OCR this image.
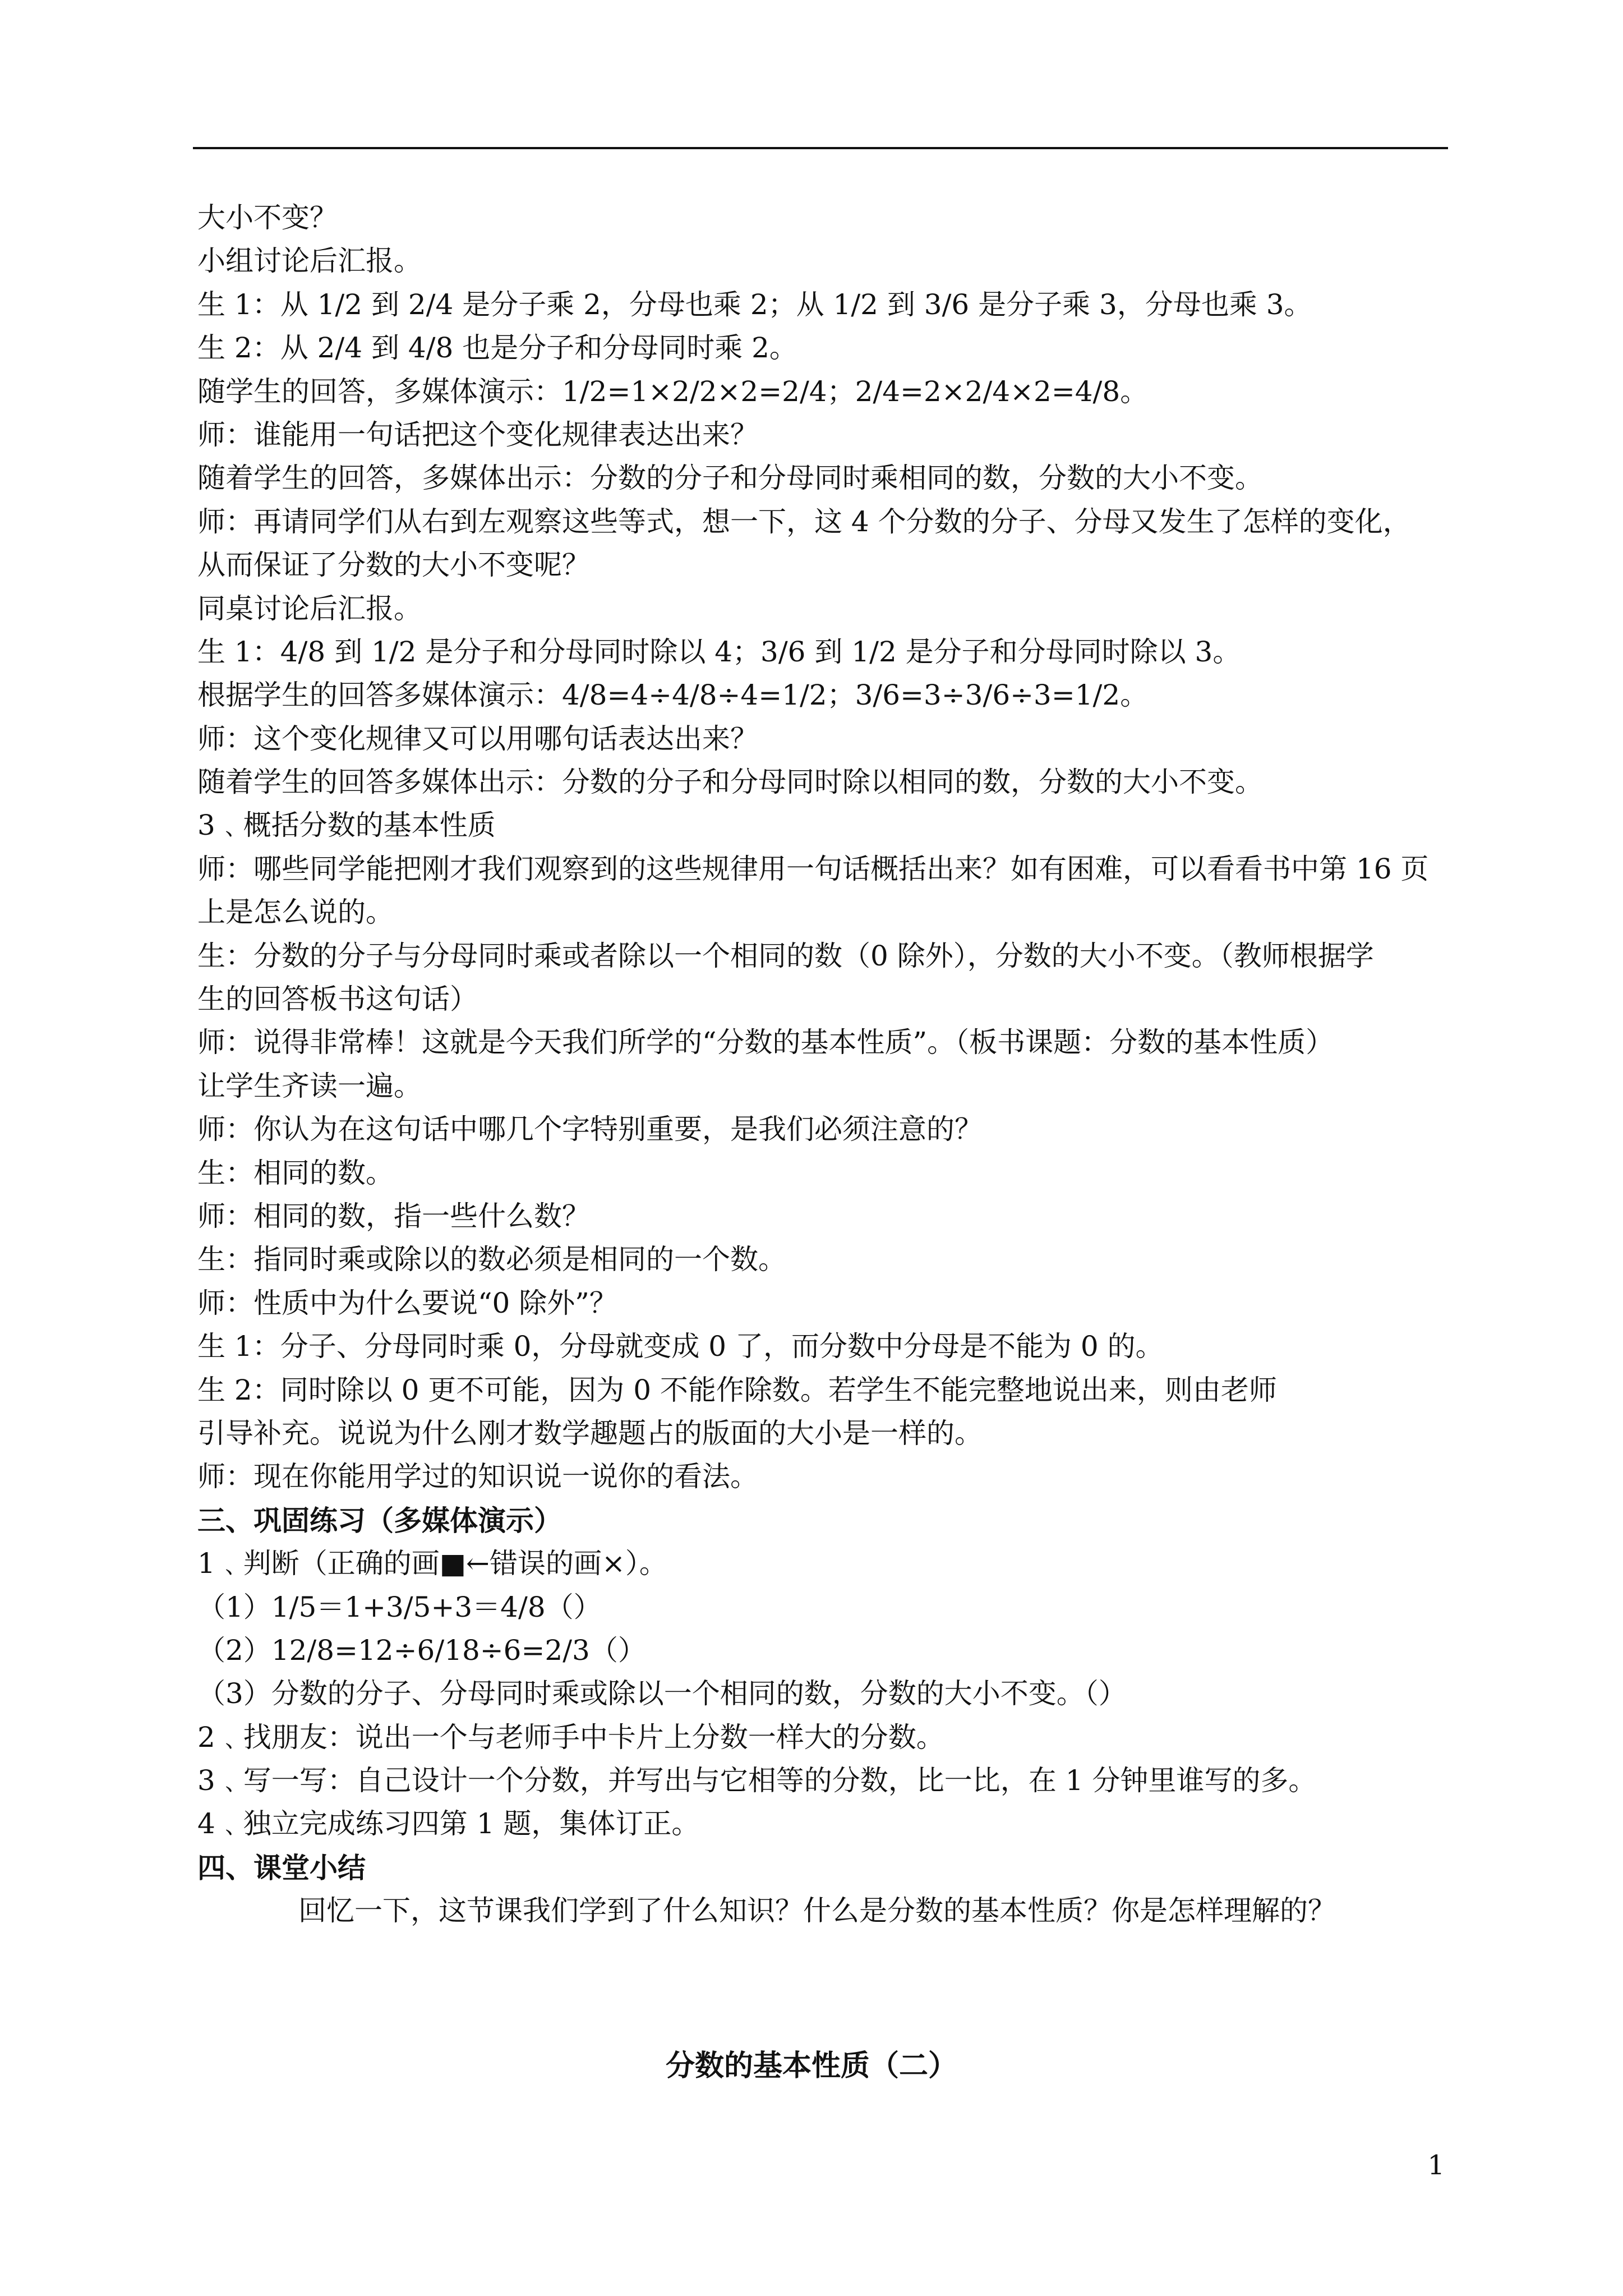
大小不变？
小组讨论后汇报。
生 1：从 1/2 到 2/4 是分子乘 2，分母也乘 2；从 1/2 到 3/6 是分子乘 3，分母也乘 3。
生 2：从 2/4 到 4/8 也是分子和分母同时乘 2。
随学生的回答，多媒体演示：1/2=1×2/2×2=2/4；2/4=2×2/4×2=4/8。
师：谁能用一句话把这个变化规律表达出来？
随着学生的回答，多媒体出示：分数的分子和分母同时乘相同的数，分数的大小不变。
师：再请同学们从右到左观察这些等式，想一下，这 4 个分数的分子、分母又发生了怎样的变化，
从而保证了分数的大小不变呢？
同桌讨论后汇报。
生 1：4/8 到 1/2 是分子和分母同时除以 4；3/6 到 1/2 是分子和分母同时除以 3。
根据学生的回答多媒体演示：4/8=4÷4/8÷4=1/2；3/6=3÷3/6÷3=1/2。
师：这个变化规律又可以用哪句话表达出来？
随着学生的回答多媒体出示：分数的分子和分母同时除以相同的数，分数的大小不变。
3﹑概括分数的基本性质
师：哪些同学能把刚才我们观察到的这些规律用一句话概括出来？如有困难，可以看看书中第 16 页
上是怎么说的。
生：分数的分子与分母同时乘或者除以一个相同的数（0 除外），分数的大小不变。（教师根据学
生的回答板书这句话）
师：说得非常棒！这就是今天我们所学的“分数的基本性质”。（板书课题：分数的基本性质）
让学生齐读一遍。
师：你认为在这句话中哪几个字特别重要，是我们必须注意的？
生：相同的数。
师：相同的数，指一些什么数？
生：指同时乘或除以的数必须是相同的一个数。
师：性质中为什么要说“0 除外”？
生 1：分子、分母同时乘 0，分母就变成 0 了，而分数中分母是不能为 0 的。
生 2：同时除以 0 更不可能，因为 0 不能作除数。若学生不能完整地说出来，则由老师
引导补充。说说为什么刚才数学趣题占的版面的大小是一样的。
师：现在你能用学过的知识说一说你的看法。
三、巩固练习（多媒体演示）
1﹑判断（正确的画■←错误的画×）。
（1）1/5＝1+3/5+3＝4/8（）
（2）12/8=12÷6/18÷6=2/3（）
（3）分数的分子、分母同时乘或除以一个相同的数，分数的大小不变。（）
2﹑找朋友：说出一个与老师手中卡片上分数一样大的分数。
3﹑写一写：自己设计一个分数，并写出与它相等的分数，比一比，在 1 分钟里谁写的多。
4﹑独立完成练习四第 1 题，集体订正。
四、课堂小结
回忆一下，这节课我们学到了什么知识？什么是分数的基本性质？你是怎样理解的？
分数的基本性质（二）
1
